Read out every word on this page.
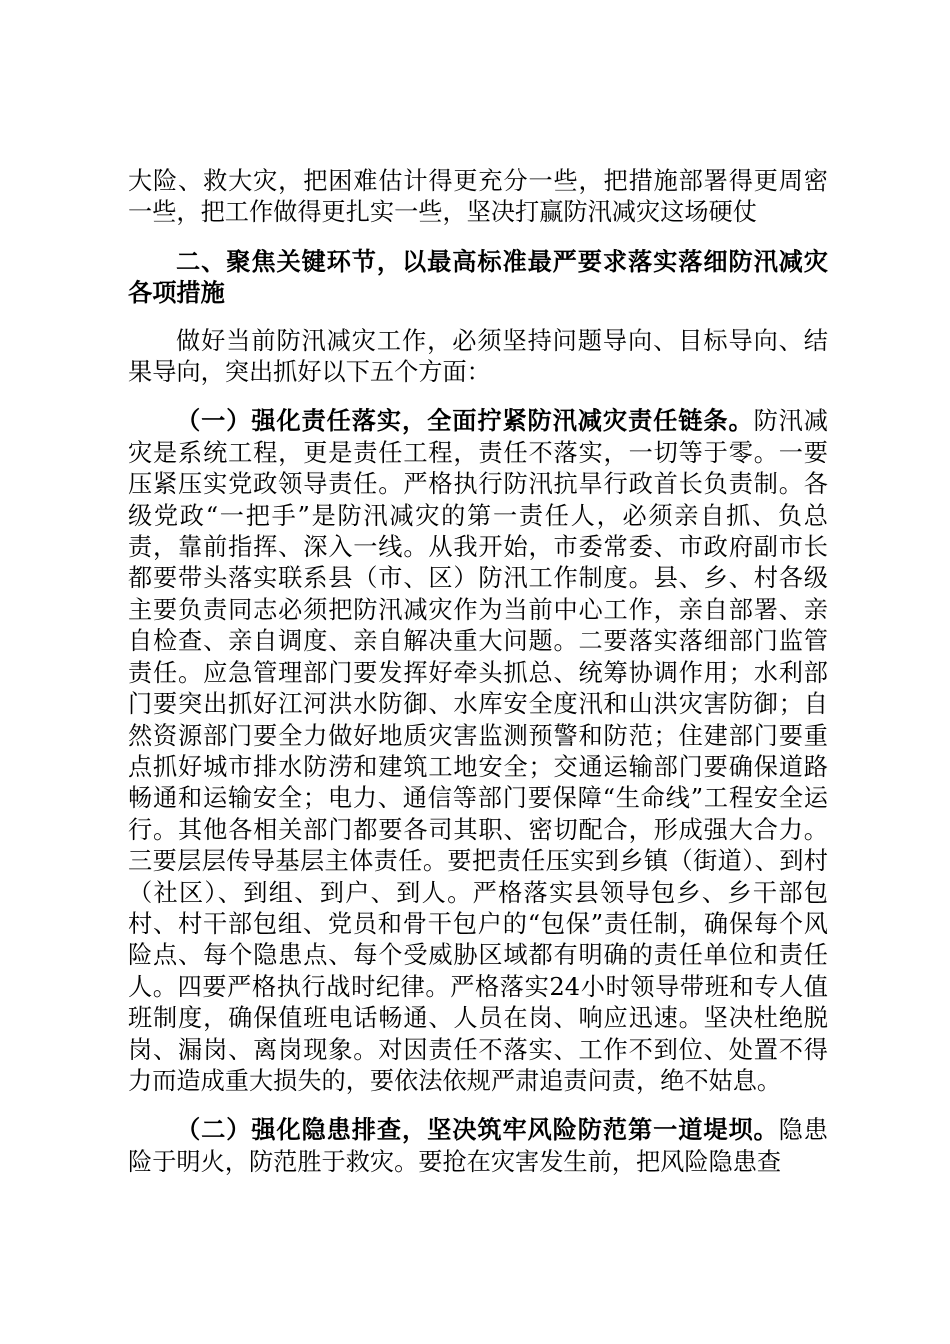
大险、救大灾，把困难估计得更充分一些，把措施部署得更周密一些，把工作做得更扎实一些，坚决打赢防汛减灾这场硬仗

二、聚焦关键环节，以最高标准最严要求落实落细防汛减灾各项措施

做好当前防汛减灾工作，必须坚持问题导向、目标导向、结果导向，突出抓好以下五个方面：

（一）强化责任落实，全面拧紧防汛减灾责任链条。防汛减灾是系统工程，更是责任工程，责任不落实，一切等于零。一要压紧压实党政领导责任。严格执行防汛抗旱行政首长负责制。各级党政“一把手”是防汛减灾的第一责任人，必须亲自抓、负总责，靠前指挥、深入一线。从我开始，市委常委、市政府副市长都要带头落实联系县（市、区）防汛工作制度。县、乡、村各级主要负责同志必须把防汛减灾作为当前中心工作，亲自部署、亲自检查、亲自调度、亲自解决重大问题。二要落实落细部门监管责任。应急管理部门要发挥好牵头抓总、统筹协调作用；水利部门要突出抓好江河洪水防御、水库安全度汛和山洪灾害防御；自然资源部门要全力做好地质灾害监测预警和防范；住建部门要重点抓好城市排水防涝和建筑工地安全；交通运输部门要确保道路畅通和运输安全；电力、通信等部门要保障“生命线”工程安全运行。其他各相关部门都要各司其职、密切配合，形成强大合力。三要层层传导基层主体责任。要把责任压实到乡镇（街道）、到村（社区）、到组、到户、到人。严格落实县领导包乡、乡干部包村、村干部包组、党员和骨干包户的“包保”责任制，确保每个风险点、每个隐患点、每个受威胁区域都有明确的责任单位和责任人。四要严格执行战时纪律。严格落实24小时领导带班和专人值班制度，确保值班电话畅通、人员在岗、响应迅速。坚决杜绝脱岗、漏岗、离岗现象。对因责任不落实、工作不到位、处置不得力而造成重大损失的，要依法依规严肃追责问责，绝不姑息。

（二）强化隐患排查，坚决筑牢风险防范第一道堤坝。隐患险于明火，防范胜于救灾。要抢在灾害发生前，把风险隐患查
